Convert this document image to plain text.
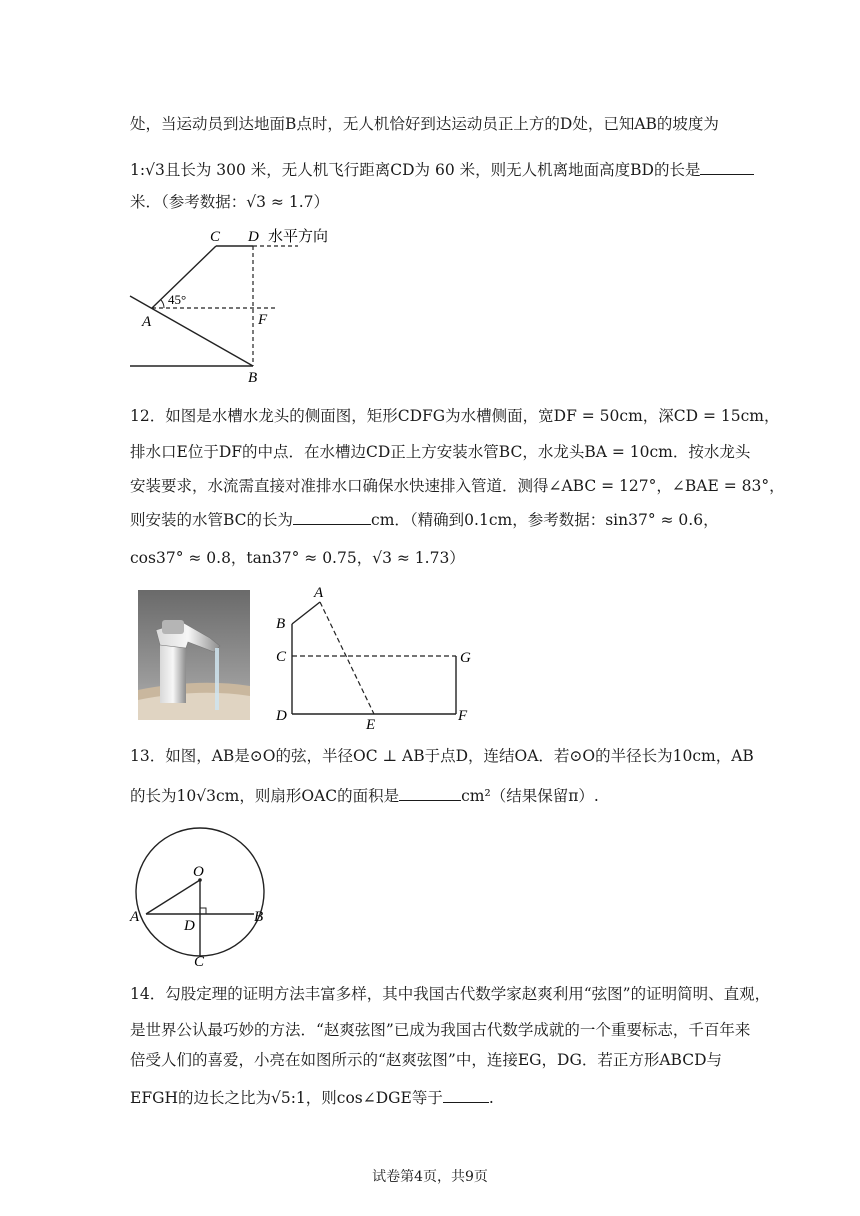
处，当运动员到达地面B点时，无人机恰好到达运动员正上方的D处，已知AB的坡度为
1:√3且长为 300 米，无人机飞行距离CD为 60 米，则无人机离地面高度BD的长是
米．（参考数据：√3 ≈ 1.7）
C D 水平方向
45°
A	F
B
12．如图是水槽水龙头的侧面图，矩形CDFG为水槽侧面，宽DF = 50cm，深CD = 15cm，
排水口E位于DF的中点．在水槽边CD正上方安装水管BC，水龙头BA = 10cm．按水龙头
安装要求，水流需直接对准排水口确保水快速排入管道．测得∠ABC = 127°，∠BAE = 83°，
则安装的水管BC的长为	cm．（精确到0.1cm，参考数据：sin37° ≈ 0.6，
cos37° ≈ 0.8，tan37° ≈ 0.75，√3 ≈ 1.73）
A
B
C	G
D
E
F
13．如图，AB是⊙O的弦，半径OC ⊥ AB于点D，连结OA．若⊙O的半径长为10cm，AB
的长为10√3cm，则扇形OAC的面积是	cm²（结果保留π）.
O
A	B
D
C
14．勾股定理的证明方法丰富多样，其中我国古代数学家赵爽利用“弦图”的证明简明、直观，
是世界公认最巧妙的方法．“赵爽弦图”已成为我国古代数学成就的一个重要标志，千百年来
倍受人们的喜爱，小亮在如图所示的“赵爽弦图”中，连接EG，DG．若正方形ABCD与
EFGH的边长之比为√5:1，则cos∠DGE等于	.
试卷第4页，共9页
